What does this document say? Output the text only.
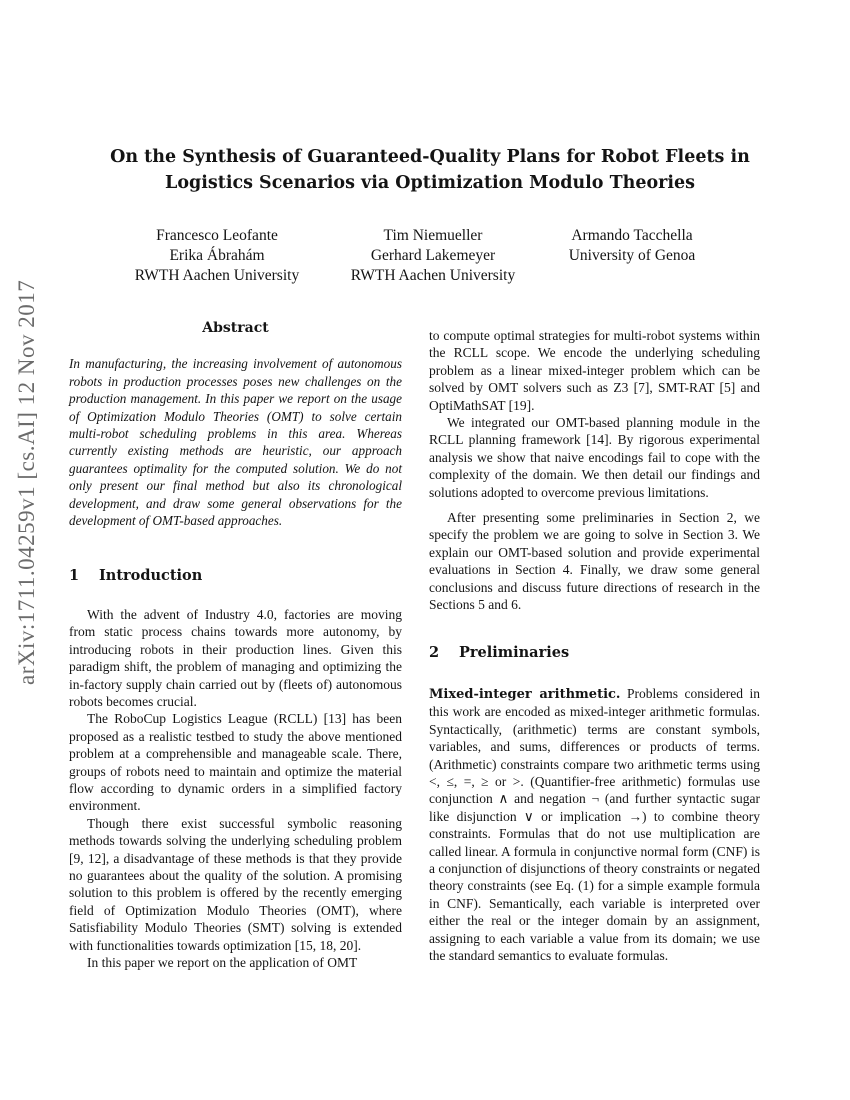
arXiv:1711.04259v1 [cs.AI] 12 Nov 2017
On the Synthesis of Guaranteed-Quality Plans for Robot Fleets in
Logistics Scenarios via Optimization Modulo Theories
Francesco Leofante
Erika Ábrahám
RWTH Aachen University
Tim Niemueller
Gerhard Lakemeyer
RWTH Aachen University
Armando Tacchella
University of Genoa
Abstract

In manufacturing, the increasing involvement of autonomous robots in production processes poses new challenges on the production management. In this paper we report on the usage of Optimization Modulo Theories (OMT) to solve certain multi-robot scheduling problems in this area. Whereas currently existing methods are heuristic, our approach guarantees optimality for the computed solution. We do not only present our final method but also its chronological development, and draw some general observations for the development of OMT-based approaches.

1 Introduction

With the advent of Industry 4.0, factories are moving from static process chains towards more autonomy, by introducing robots in their production lines. Given this paradigm shift, the problem of managing and optimizing the in-factory supply chain carried out by (fleets of) autonomous robots becomes crucial.

The RoboCup Logistics League (RCLL) [13] has been proposed as a realistic testbed to study the above mentioned problem at a comprehensible and manageable scale. There, groups of robots need to maintain and optimize the material flow according to dynamic orders in a simplified factory environment.

Though there exist successful symbolic reasoning methods towards solving the underlying scheduling problem [9, 12], a disadvantage of these methods is that they provide no guarantees about the quality of the solution. A promising solution to this problem is offered by the recently emerging field of Optimization Modulo Theories (OMT), where Satisfiability Modulo Theories (SMT) solving is extended with functionalities towards optimization [15, 18, 20].

In this paper we report on the application of OMT

to compute optimal strategies for multi-robot systems within the RCLL scope. We encode the underlying scheduling problem as a linear mixed-integer problem which can be solved by OMT solvers such as Z3 [7], SMT-RAT [5] and OptiMathSAT [19].

We integrated our OMT-based planning module in the RCLL planning framework [14]. By rigorous experimental analysis we show that naive encodings fail to cope with the complexity of the domain. We then detail our findings and solutions adopted to overcome previous limitations.

After presenting some preliminaries in Section 2, we specify the problem we are going to solve in Section 3. We explain our OMT-based solution and provide experimental evaluations in Section 4. Finally, we draw some general conclusions and discuss future directions of research in the Sections 5 and 6.

2 Preliminaries

Mixed-integer arithmetic. Problems considered in this work are encoded as mixed-integer arithmetic formulas. Syntactically, (arithmetic) terms are constant symbols, variables, and sums, differences or products of terms. (Arithmetic) constraints compare two arithmetic terms using <, ≤, =, ≥ or >. (Quantifier-free arithmetic) formulas use conjunction ∧ and negation ¬ (and further syntactic sugar like disjunction ∨ or implication →) to combine theory constraints. Formulas that do not use multiplication are called linear. A formula in conjunctive normal form (CNF) is a conjunction of disjunctions of theory constraints or negated theory constraints (see Eq. (1) for a simple example formula in CNF). Semantically, each variable is interpreted over either the real or the integer domain by an assignment, assigning to each variable a value from its domain; we use the standard semantics to evaluate formulas.
